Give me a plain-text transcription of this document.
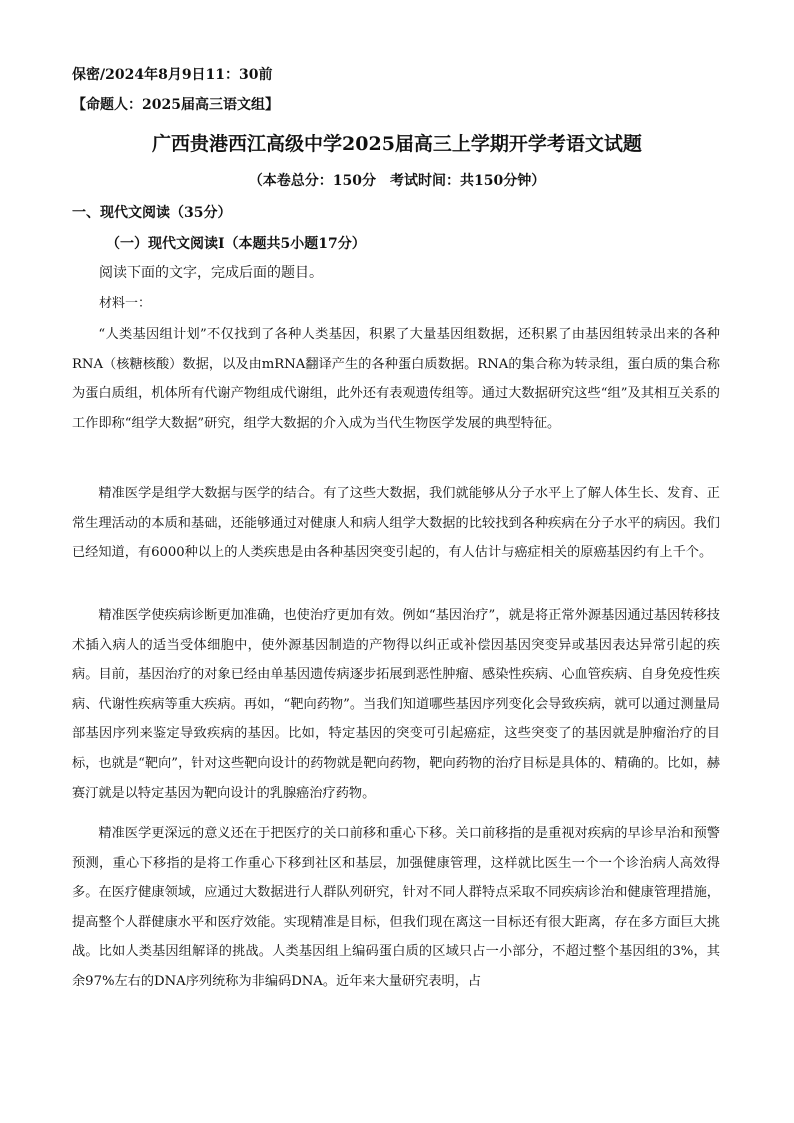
保密/2024年8月9日11：30前
【命题人：2025届高三语文组】
广西贵港西江高级中学2025届高三上学期开学考语文试题
（本卷总分：150分　考试时间：共150分钟）
一、现代文阅读（35分）
（一）现代文阅读Ⅰ（本题共5小题17分）
阅读下面的文字，完成后面的题目。
材料一：

“人类基因组计划”不仅找到了各种人类基因，积累了大量基因组数据，还积累了由基因组转录出来的各种RNA（核糖核酸）数据，以及由mRNA翻译产生的各种蛋白质数据。RNA的集合称为转录组，蛋白质的集合称为蛋白质组，机体所有代谢产物组成代谢组，此外还有表观遗传组等。通过大数据研究这些“组”及其相互关系的工作即称“组学大数据”研究，组学大数据的介入成为当代生物医学发展的典型特征。

精准医学是组学大数据与医学的结合。有了这些大数据，我们就能够从分子水平上了解人体生长、发育、正常生理活动的本质和基础，还能够通过对健康人和病人组学大数据的比较找到各种疾病在分子水平的病因。我们已经知道，有6000种以上的人类疾患是由各种基因突变引起的，有人估计与癌症相关的原癌基因约有上千个。

精准医学使疾病诊断更加准确，也使治疗更加有效。例如“基因治疗”，就是将正常外源基因通过基因转移技术插入病人的适当受体细胞中，使外源基因制造的产物得以纠正或补偿因基因突变异或基因表达异常引起的疾病。目前，基因治疗的对象已经由单基因遗传病逐步拓展到恶性肿瘤、感染性疾病、心血管疾病、自身免疫性疾病、代谢性疾病等重大疾病。再如，“靶向药物”。当我们知道哪些基因序列变化会导致疾病，就可以通过测量局部基因序列来鉴定导致疾病的基因。比如，特定基因的突变可引起癌症，这些突变了的基因就是肿瘤治疗的目标，也就是“靶向”，针对这些靶向设计的药物就是靶向药物，靶向药物的治疗目标是具体的、精确的。比如，赫赛汀就是以特定基因为靶向设计的乳腺癌治疗药物。

精准医学更深远的意义还在于把医疗的关口前移和重心下移。关口前移指的是重视对疾病的早诊早治和预警预测，重心下移指的是将工作重心下移到社区和基层，加强健康管理，这样就比医生一个一个诊治病人高效得多。在医疗健康领域，应通过大数据进行人群队列研究，针对不同人群特点采取不同疾病诊治和健康管理措施，提高整个人群健康水平和医疗效能。实现精准是目标，但我们现在离这一目标还有很大距离，存在多方面巨大挑战。比如人类基因组解译的挑战。人类基因组上编码蛋白质的区域只占一小部分，不超过整个基因组的3%，其余97%左右的DNA序列统称为非编码DNA。近年来大量研究表明，占
